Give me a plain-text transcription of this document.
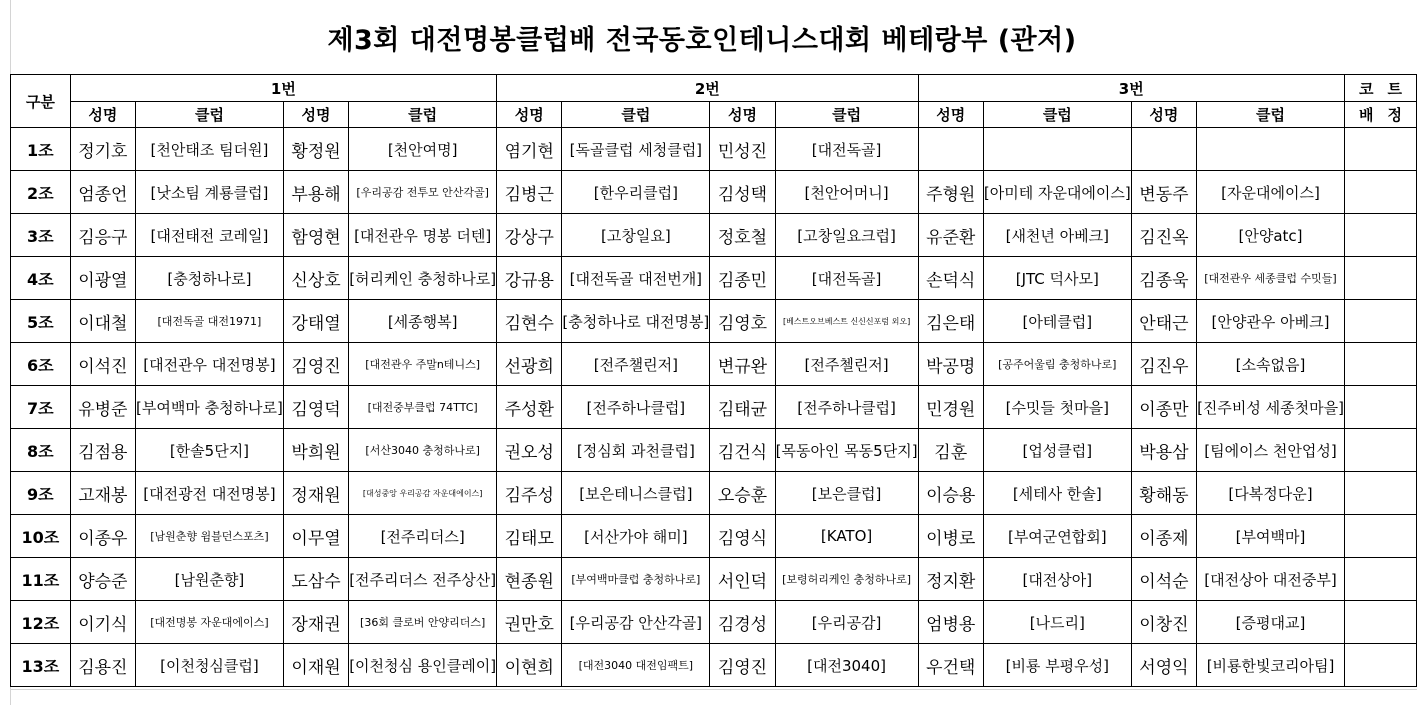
제3회 대전명봉클럽배 전국동호인테니스대회 베테랑부 (관저)
구분	1번				2번				3번				코트
	성명	클럽	성명	클럽	성명	클럽	성명	클럽	성명	클럽	성명	클럽	배정
1조	정기호	[천안태조 팀더원]	황정원	[천안여명]	염기현	[독골클럽 세청클럽]	민성진	[대전독골]					
2조	엄종언	[낫소팀 계룡클럽]	부용해	[우리공감 전투모 안산각골]	김병근	[한우리클럽]	김성택	[천안어머니]	주형원	[아미테 자운대에이스]	변동주	[자운대에이스]	
3조	김응구	[대전태전 코레일]	함영현	[대전관우 명봉 더텐]	강상구	[고창일요]	정호철	[고창일요크럽]	유준환	[새천년 아베크]	김진옥	[안양atc]	
4조	이광열	[충청하나로]	신상호	[허리케인 충청하나로]	강규용	[대전독골 대전번개]	김종민	[대전독골]	손덕식	[JTC 덕사모]	김종욱	[대전관우 세종클럽 수밋들]	
5조	이대철	[대전독골 대전1971]	강태열	[세종행복]	김현수	[충청하나로 대전명봉]	김영호	[베스트오브베스트 신신신포럼 외오]	김은태	[아테클럽]	안태근	[안양관우 아베크]	
6조	이석진	[대전관우 대전명봉]	김영진	[대전관우 주말n테니스]	선광희	[전주챌린저]	변규완	[전주첼린저]	박공명	[공주어울림 충청하나로]	김진우	[소속없음]	
7조	유병준	[부여백마 충청하나로]	김영덕	[대전중부클럽 74TTC]	주성환	[전주하나클럽]	김태균	[전주하나클럽]	민경원	[수밋들 첫마을]	이종만	[진주비성 세종첫마을]	
8조	김점용	[한솔5단지]	박희원	[서산3040 충청하나로]	권오성	[정심회 과천클럽]	김건식	[목동아인 목동5단지]	김훈	[업성클럽]	박용삼	[팀에이스 천안업성]	
9조	고재봉	[대전광전 대전명봉]	정재원	[대성중앙 우리공감 자운대에이스]	김주성	[보은테니스클럽]	오승훈	[보은클럽]	이승용	[세테사 한솔]	황해동	[다복정다운]	
10조	이종우	[남원춘향 윔블던스포츠]	이무열	[전주리더스]	김태모	[서산가야 해미]	김영식	[KATO]	이병로	[부여군연합회]	이종제	[부여백마]	
11조	양승준	[남원춘향]	도삼수	[전주리더스 전주상산]	현종원	[부여백마클럽 충청하나로]	서인덕	[보령허리케인 충청하나로]	정지환	[대전상아]	이석순	[대전상아 대전중부]	
12조	이기식	[대전명봉 자운대에이스]	장재권	[36회 클로버 안양리더스]	권만호	[우리공감 안산각골]	김경성	[우리공감]	엄병용	[나드리]	이창진	[증평대교]	
13조	김용진	[이천청심클럽]	이재원	[이천청심 용인클레이]	이현희	[대전3040 대전임팩트]	김영진	[대전3040]	우건택	[비룡 부평우성]	서영익	[비룡한빛코리아팀]	
